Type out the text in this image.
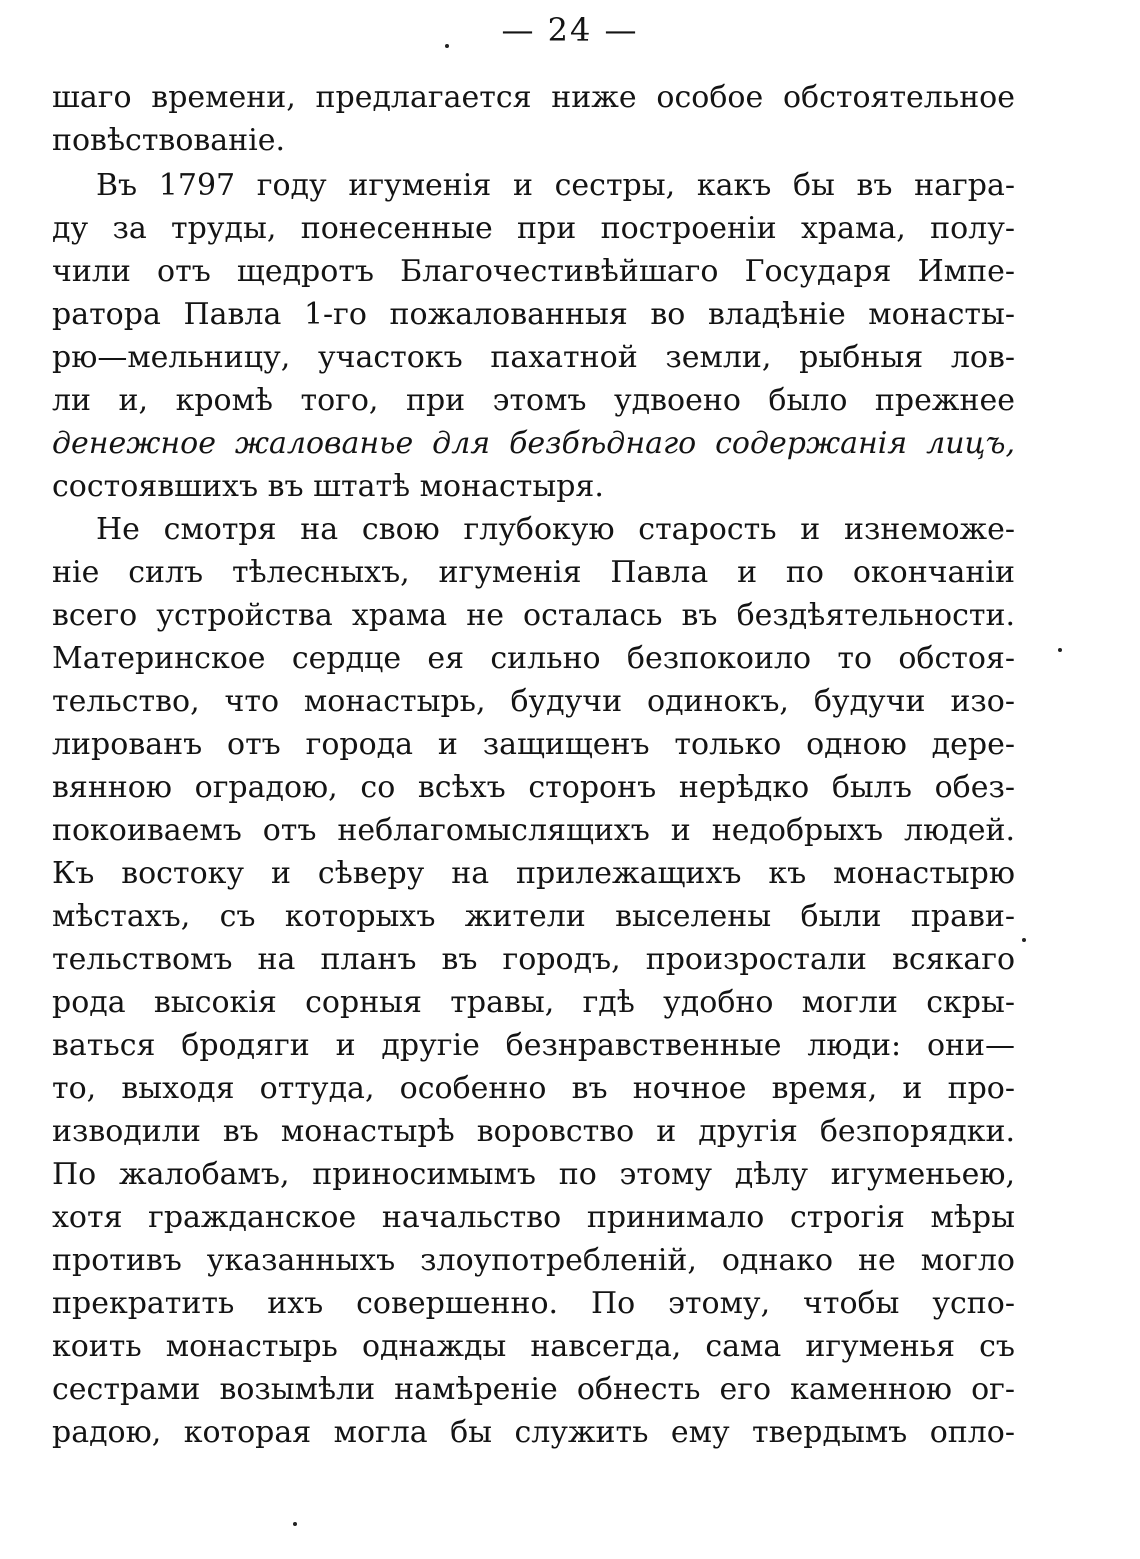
— 24 —
шаго времени, предлагается ниже особое обстоятельное
повѣствованіе.
Въ 1797 году игуменія и сестры, какъ бы въ награ-
ду за труды, понесенные при построеніи храма, полу-
чили отъ щедротъ Благочестивѣйшаго Государя Импе-
ратора Павла 1-го пожалованныя во владѣніе монасты-
рю—мельницу, участокъ пахатной земли, рыбныя лов-
ли и, кромѣ того, при этомъ удвоено было прежнее
денежное жалованье для безбѣднаго содержанія лицъ,
состоявшихъ въ штатѣ монастыря.
Не смотря на свою глубокую старость и изнеможе-
ніе силъ тѣлесныхъ, игуменія Павла и по окончаніи
всего устройства храма не осталась въ бездѣятельности.
Материнское сердце ея сильно безпокоило то обстоя-
тельство, что монастырь, будучи одинокъ, будучи изо-
лированъ отъ города и защищенъ только одною дере-
вянною оградою, со всѣхъ сторонъ нерѣдко былъ обез-
покоиваемъ отъ неблагомыслящихъ и недобрыхъ людей.
Къ востоку и сѣверу на прилежащихъ къ монастырю
мѣстахъ, съ которыхъ жители выселены были прави-
тельствомъ на планъ въ городъ, произростали всякаго
рода высокія сорныя травы, гдѣ удобно могли скры-
ваться бродяги и другіе безнравственные люди: они—
то, выходя оттуда, особенно въ ночное время, и про-
изводили въ монастырѣ воровство и другія безпорядки.
По жалобамъ, приносимымъ по этому дѣлу игуменьею,
хотя гражданское начальство принимало строгія мѣры
противъ указанныхъ злоупотребленій, однако не могло
прекратить ихъ совершенно. По этому, чтобы успо-
коить монастырь однажды навсегда, сама игуменья съ
сестрами возымѣли намѣреніе обнесть его каменною ог-
радою, которая могла бы служить ему твердымъ оплo-
